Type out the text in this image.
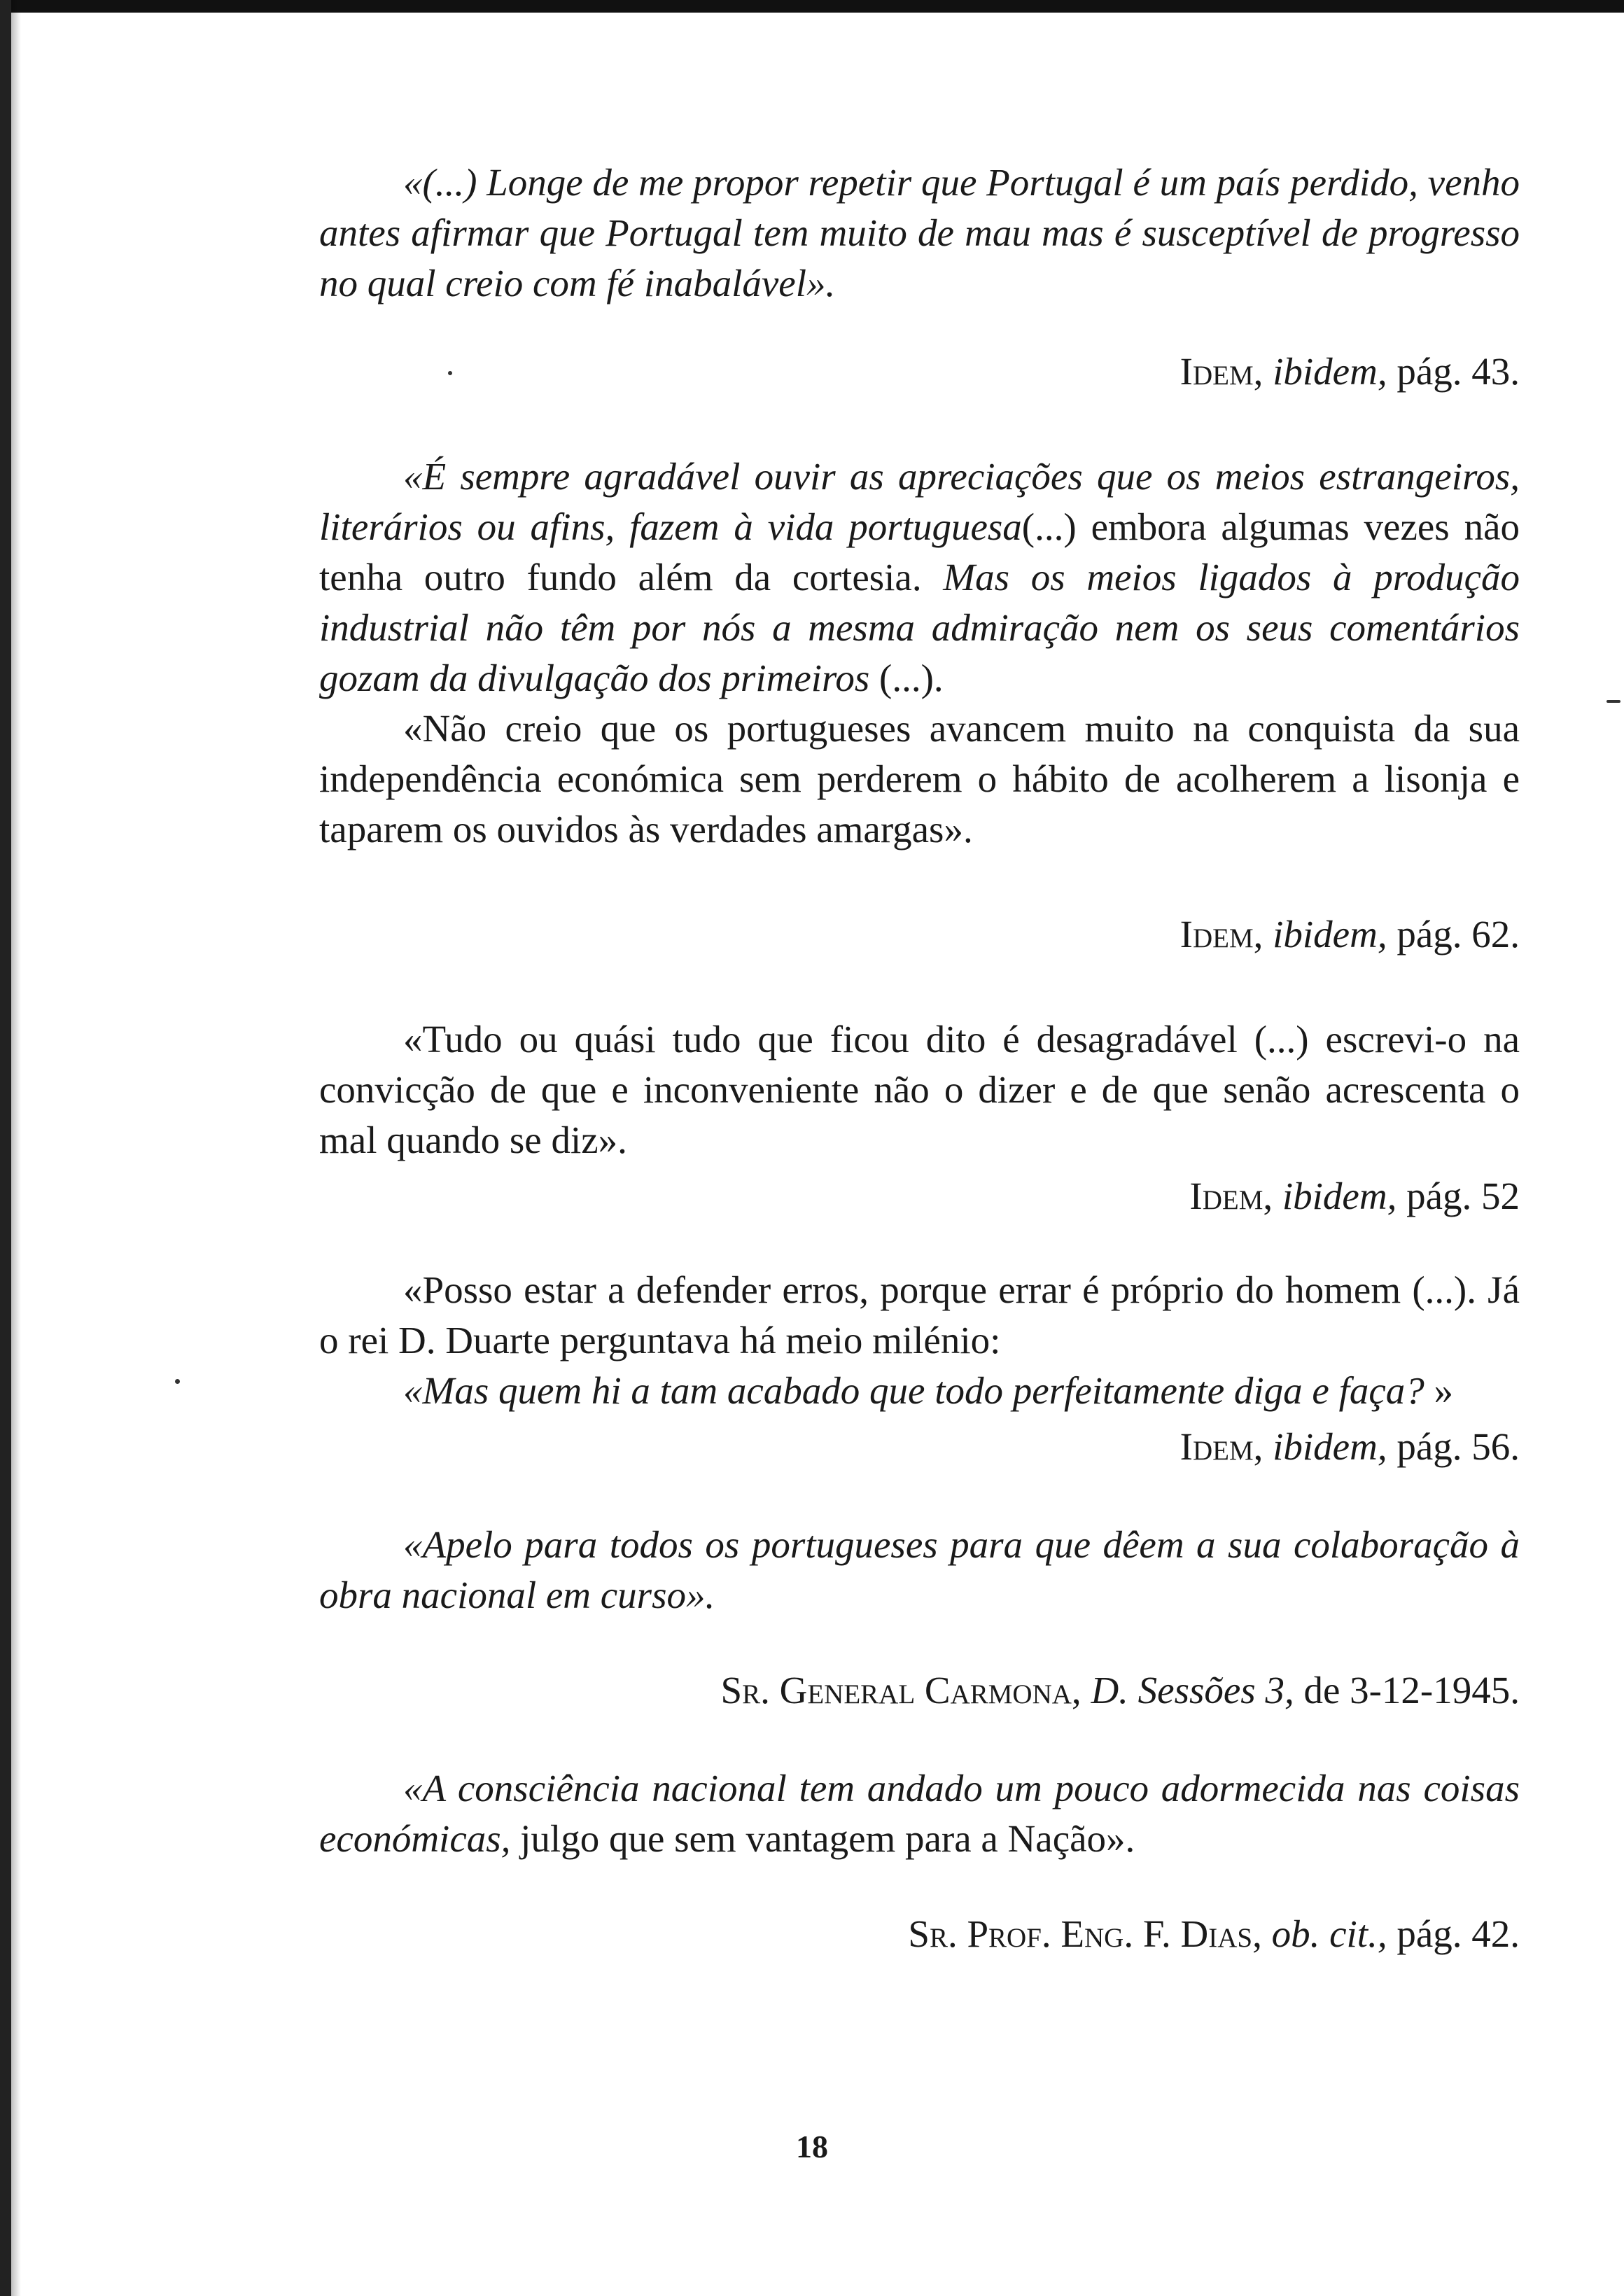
«(...) Longe de me propor repetir que Portugal é um país perdido, venho antes afirmar que Portugal tem muito de mau mas é susceptível de progresso no qual creio com fé inabalável».

Idem, ibidem, pág. 43.

«É sempre agradável ouvir as apreciações que os meios estrangeiros, literários ou afins, fazem à vida portuguesa(...) embora algumas vezes não tenha outro fundo além da cortesia. Mas os meios ligados à produção industrial não têm por nós a mesma admiração nem os seus comentários gozam da divulgação dos primeiros (...).

«Não creio que os portugueses avancem muito na conquista da sua independência económica sem perderem o hábito de acolherem a lisonja e taparem os ouvidos às verdades amargas».

Idem, ibidem, pág. 62.

«Tudo ou quási tudo que ficou dito é desagradável (...) escrevi-o na convicção de que e inconveniente não o dizer e de que senão acrescenta o mal quando se diz».

Idem, ibidem, pág. 52

«Posso estar a defender erros, porque errar é próprio do homem (...). Já o rei D. Duarte perguntava há meio milénio:

«Mas quem hi a tam acabado que todo perfeitamente diga e faça? »

Idem, ibidem, pág. 56.

«Apelo para todos os portugueses para que dêem a sua colaboração à obra nacional em curso».

Sr. General Carmona, D. Sessões 3, de 3-12-1945.

«A consciência nacional tem andado um pouco adormecida nas coisas económicas, julgo que sem vantagem para a Nação».

Sr. Prof. Eng. F. Dias, ob. cit., pág. 42.

18
